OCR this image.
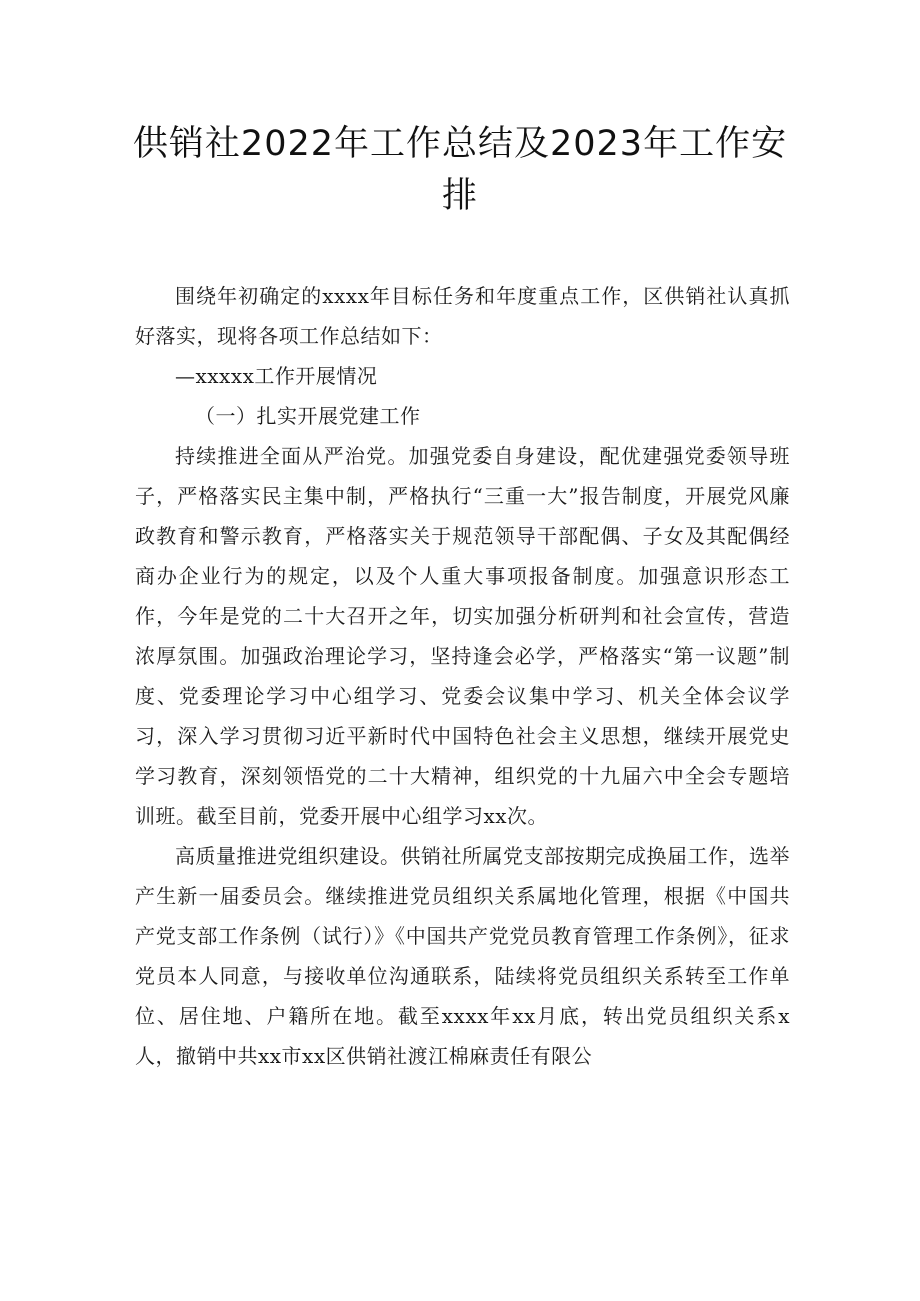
供销社2022年工作总结及2023年工作安排

围绕年初确定的xxxx年目标任务和年度重点工作，区供销社认真抓好落实，现将各项工作总结如下：

—xxxxx工作开展情况

（一）扎实开展党建工作

持续推进全面从严治党。加强党委自身建设，配优建强党委领导班子，严格落实民主集中制，严格执行“三重一大”报告制度，开展党风廉政教育和警示教育，严格落实关于规范领导干部配偶、子女及其配偶经商办企业行为的规定，以及个人重大事项报备制度。加强意识形态工作，今年是党的二十大召开之年，切实加强分析研判和社会宣传，营造浓厚氛围。加强政治理论学习，坚持逢会必学，严格落实“第一议题”制度、党委理论学习中心组学习、党委会议集中学习、机关全体会议学习，深入学习贯彻习近平新时代中国特色社会主义思想，继续开展党史学习教育，深刻领悟党的二十大精神，组织党的十九届六中全会专题培训班。截至目前，党委开展中心组学习xx次。

高质量推进党组织建设。供销社所属党支部按期完成换届工作，选举产生新一届委员会。继续推进党员组织关系属地化管理，根据《中国共产党支部工作条例（试行）》《中国共产党党员教育管理工作条例》，征求党员本人同意，与接收单位沟通联系，陆续将党员组织关系转至工作单位、居住地、户籍所在地。截至xxxx年xx月底，转出党员组织关系x人，撤销中共xx市xx区供销社渡江棉麻责任有限公
